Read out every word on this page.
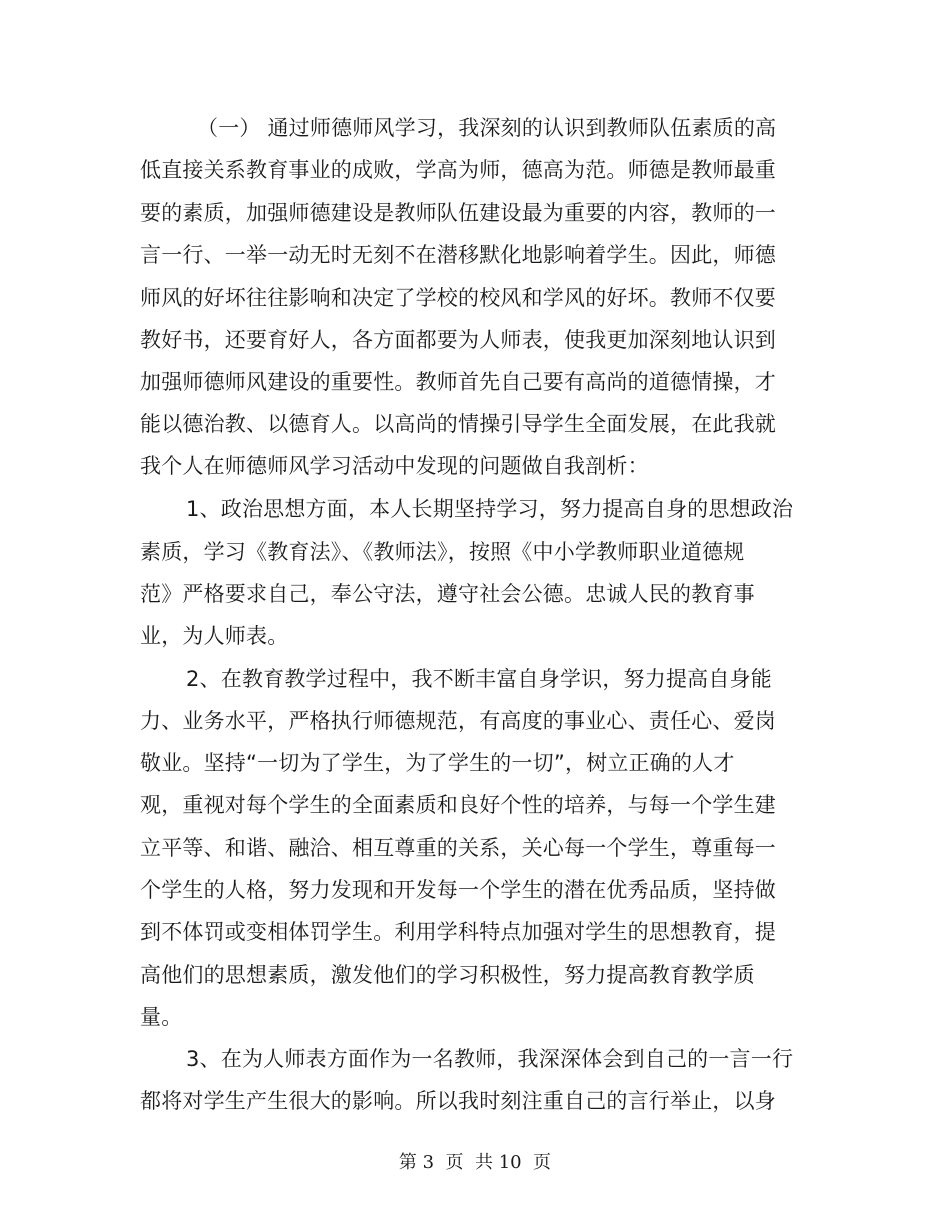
（一） 通过师德师风学习，我深刻的认识到教师队伍素质的高
低直接关系教育事业的成败，学高为师，德高为范。师德是教师最重
要的素质，加强师德建设是教师队伍建设最为重要的内容，教师的一
言一行、一举一动无时无刻不在潜移默化地影响着学生。因此，师德
师风的好坏往往影响和决定了学校的校风和学风的好坏。教师不仅要
教好书，还要育好人，各方面都要为人师表，使我更加深刻地认识到
加强师德师风建设的重要性。教师首先自己要有高尚的道德情操，才
能以德治教、以德育人。以高尚的情操引导学生全面发展，在此我就
我个人在师德师风学习活动中发现的问题做自我剖析：
1、政治思想方面，本人长期坚持学习，努力提高自身的思想政治
素质，学习《教育法》、《教师法》，按照《中小学教师职业道德规
范》严格要求自己，奉公守法，遵守社会公德。忠诚人民的教育事
业，为人师表。
2、在教育教学过程中，我不断丰富自身学识，努力提高自身能
力、业务水平，严格执行师德规范，有高度的事业心、责任心、爱岗
敬业。坚持“一切为了学生，为了学生的一切”，树立正确的人才
观，重视对每个学生的全面素质和良好个性的培养，与每一个学生建
立平等、和谐、融洽、相互尊重的关系，关心每一个学生，尊重每一
个学生的人格，努力发现和开发每一个学生的潜在优秀品质，坚持做
到不体罚或变相体罚学生。利用学科特点加强对学生的思想教育，提
高他们的思想素质，激发他们的学习积极性，努力提高教育教学质
量。
3、在为人师表方面作为一名教师，我深深体会到自己的一言一行
都将对学生产生很大的影响。所以我时刻注重自己的言行举止，以身
第 3  页  共 10  页
